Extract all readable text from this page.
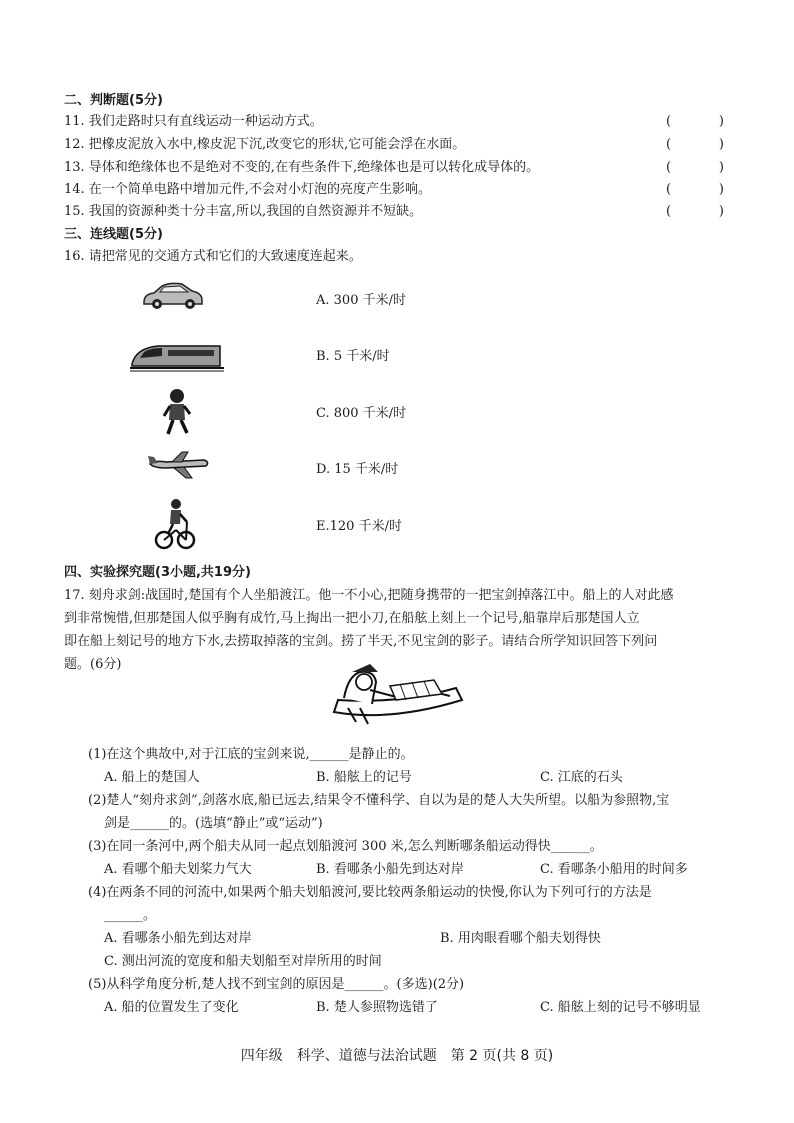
二、判断题(5分)
11. 我们走路时只有直线运动一种运动方式。	(	)
12. 把橡皮泥放入水中,橡皮泥下沉,改变它的形状,它可能会浮在水面。	(	)
13. 导体和绝缘体也不是绝对不变的,在有些条件下,绝缘体也是可以转化成导体的。	(	)
14. 在一个简单电路中增加元件,不会对小灯泡的亮度产生影响。	(	)
15. 我国的资源种类十分丰富,所以,我国的自然资源并不短缺。	(	)
三、连线题(5分)
16. 请把常见的交通方式和它们的大致速度连起来。
A. 300 千米/时
B. 5 千米/时
C. 800 千米/时
D. 15 千米/时
E.120 千米/时
四、实验探究题(3小题,共19分)
17. 刻舟求剑:战国时,楚国有个人坐船渡江。他一不小心,把随身携带的一把宝剑掉落江中。船上的人对此感
到非常惋惜,但那楚国人似乎胸有成竹,马上掏出一把小刀,在船舷上刻上一个记号,船靠岸后那楚国人立
即在船上刻记号的地方下水,去捞取掉落的宝剑。捞了半天,不见宝剑的影子。请结合所学知识回答下列问
题。(6分)
(1)在这个典故中,对于江底的宝剑来说,______是静止的。
A. 船上的楚国人	B. 船舷上的记号	C. 江底的石头
(2)楚人“刻舟求剑”,剑落水底,船已远去,结果令不懂科学、自以为是的楚人大失所望。以船为参照物,宝
剑是______的。(选填“静止”或“运动”)
(3)在同一条河中,两个船夫从同一起点划船渡河 300 米,怎么判断哪条船运动得快______。
A. 看哪个船夫划桨力气大	B. 看哪条小船先到达对岸	C. 看哪条小船用的时间多
(4)在两条不同的河流中,如果两个船夫划船渡河,要比较两条船运动的快慢,你认为下列可行的方法是
______。
A. 看哪条小船先到达对岸	B. 用肉眼看哪个船夫划得快
C. 测出河流的宽度和船夫划船至对岸所用的时间
(5)从科学角度分析,楚人找不到宝剑的原因是______。(多选)(2分)
A. 船的位置发生了变化	B. 楚人参照物选错了	C. 船舷上刻的记号不够明显
四年级　科学、道德与法治试题　第 2 页(共 8 页)
